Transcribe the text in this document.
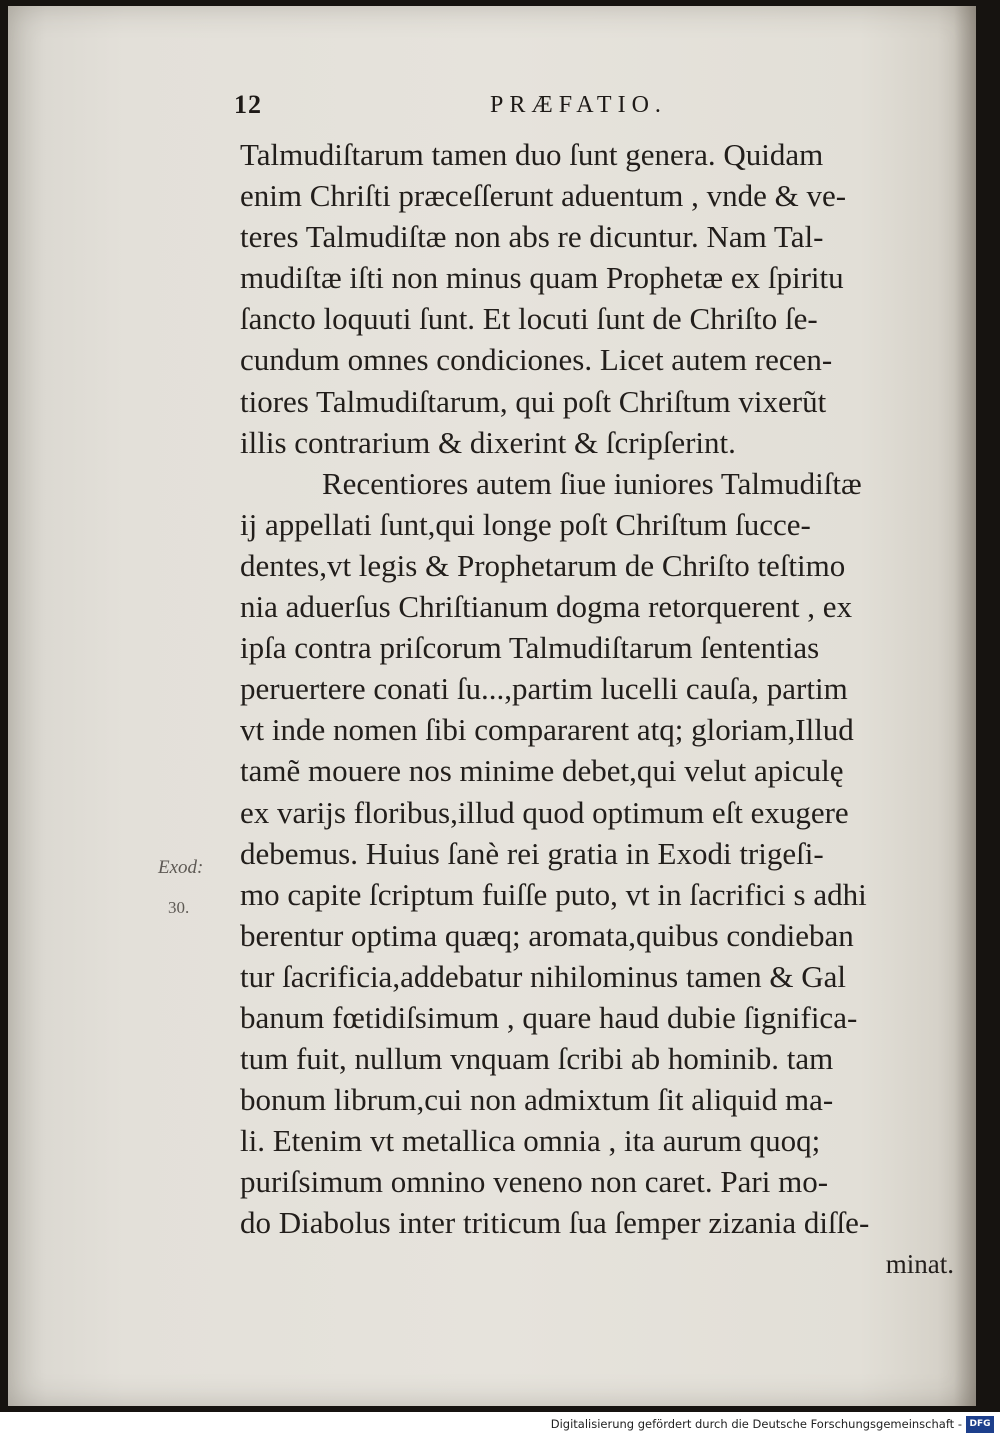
12	PRÆFATIO.
Exod:
30.
Talmudiſtarum tamen duo ſunt genera. Quidam
enim Chriſti præceſſerunt aduentum , vnde & ve-
teres Talmudiſtæ non abs re dicuntur. Nam Tal-
mudiſtæ iſti non minus quam Prophetæ ex ſpiritu
ſancto loquuti ſunt. Et locuti ſunt de Chriſto ſe-
cundum omnes condiciones. Licet autem recen-
tiores Talmudiſtarum, qui poſt Chriſtum vixerũt
illis contrarium & dixerint & ſcripſerint.
Recentiores autem ſiue iuniores Talmudiſtæ
ij appellati ſunt,qui longe poſt Chriſtum ſucce-
dentes,vt legis & Prophetarum de Chriſto teſtimo
nia aduerſus Chriſtianum dogma retorquerent , ex
ipſa contra priſcorum Talmudiſtarum ſententias
peruertere conati ſu...,partim lucelli cauſa, partim
vt inde nomen ſibi compararent atq; gloriam,Illud
tamẽ mouere nos minime debet,qui velut apiculę
ex varijs floribus,illud quod optimum eſt exugere
debemus. Huius ſanè rei gratia in Exodi trigeſi-
mo capite ſcriptum fuiſſe puto, vt in ſacrifici s adhi
berentur optima quæq; aromata,quibus condieban
tur ſacrificia,addebatur nihilominus tamen & Gal
banum fœtidiſsimum , quare haud dubie ſignifica-
tum fuit, nullum vnquam ſcribi ab hominib. tam
bonum librum,cui non admixtum ſit aliquid ma-
li. Etenim vt metallica omnia , ita aurum quoq;
puriſsimum omnino veneno non caret. Pari mo-
do Diabolus inter triticum ſua ſemper zizania diſſe-
minat.
Digitalisierung gefördert durch die Deutsche Forschungsgemeinschaft - DFG
